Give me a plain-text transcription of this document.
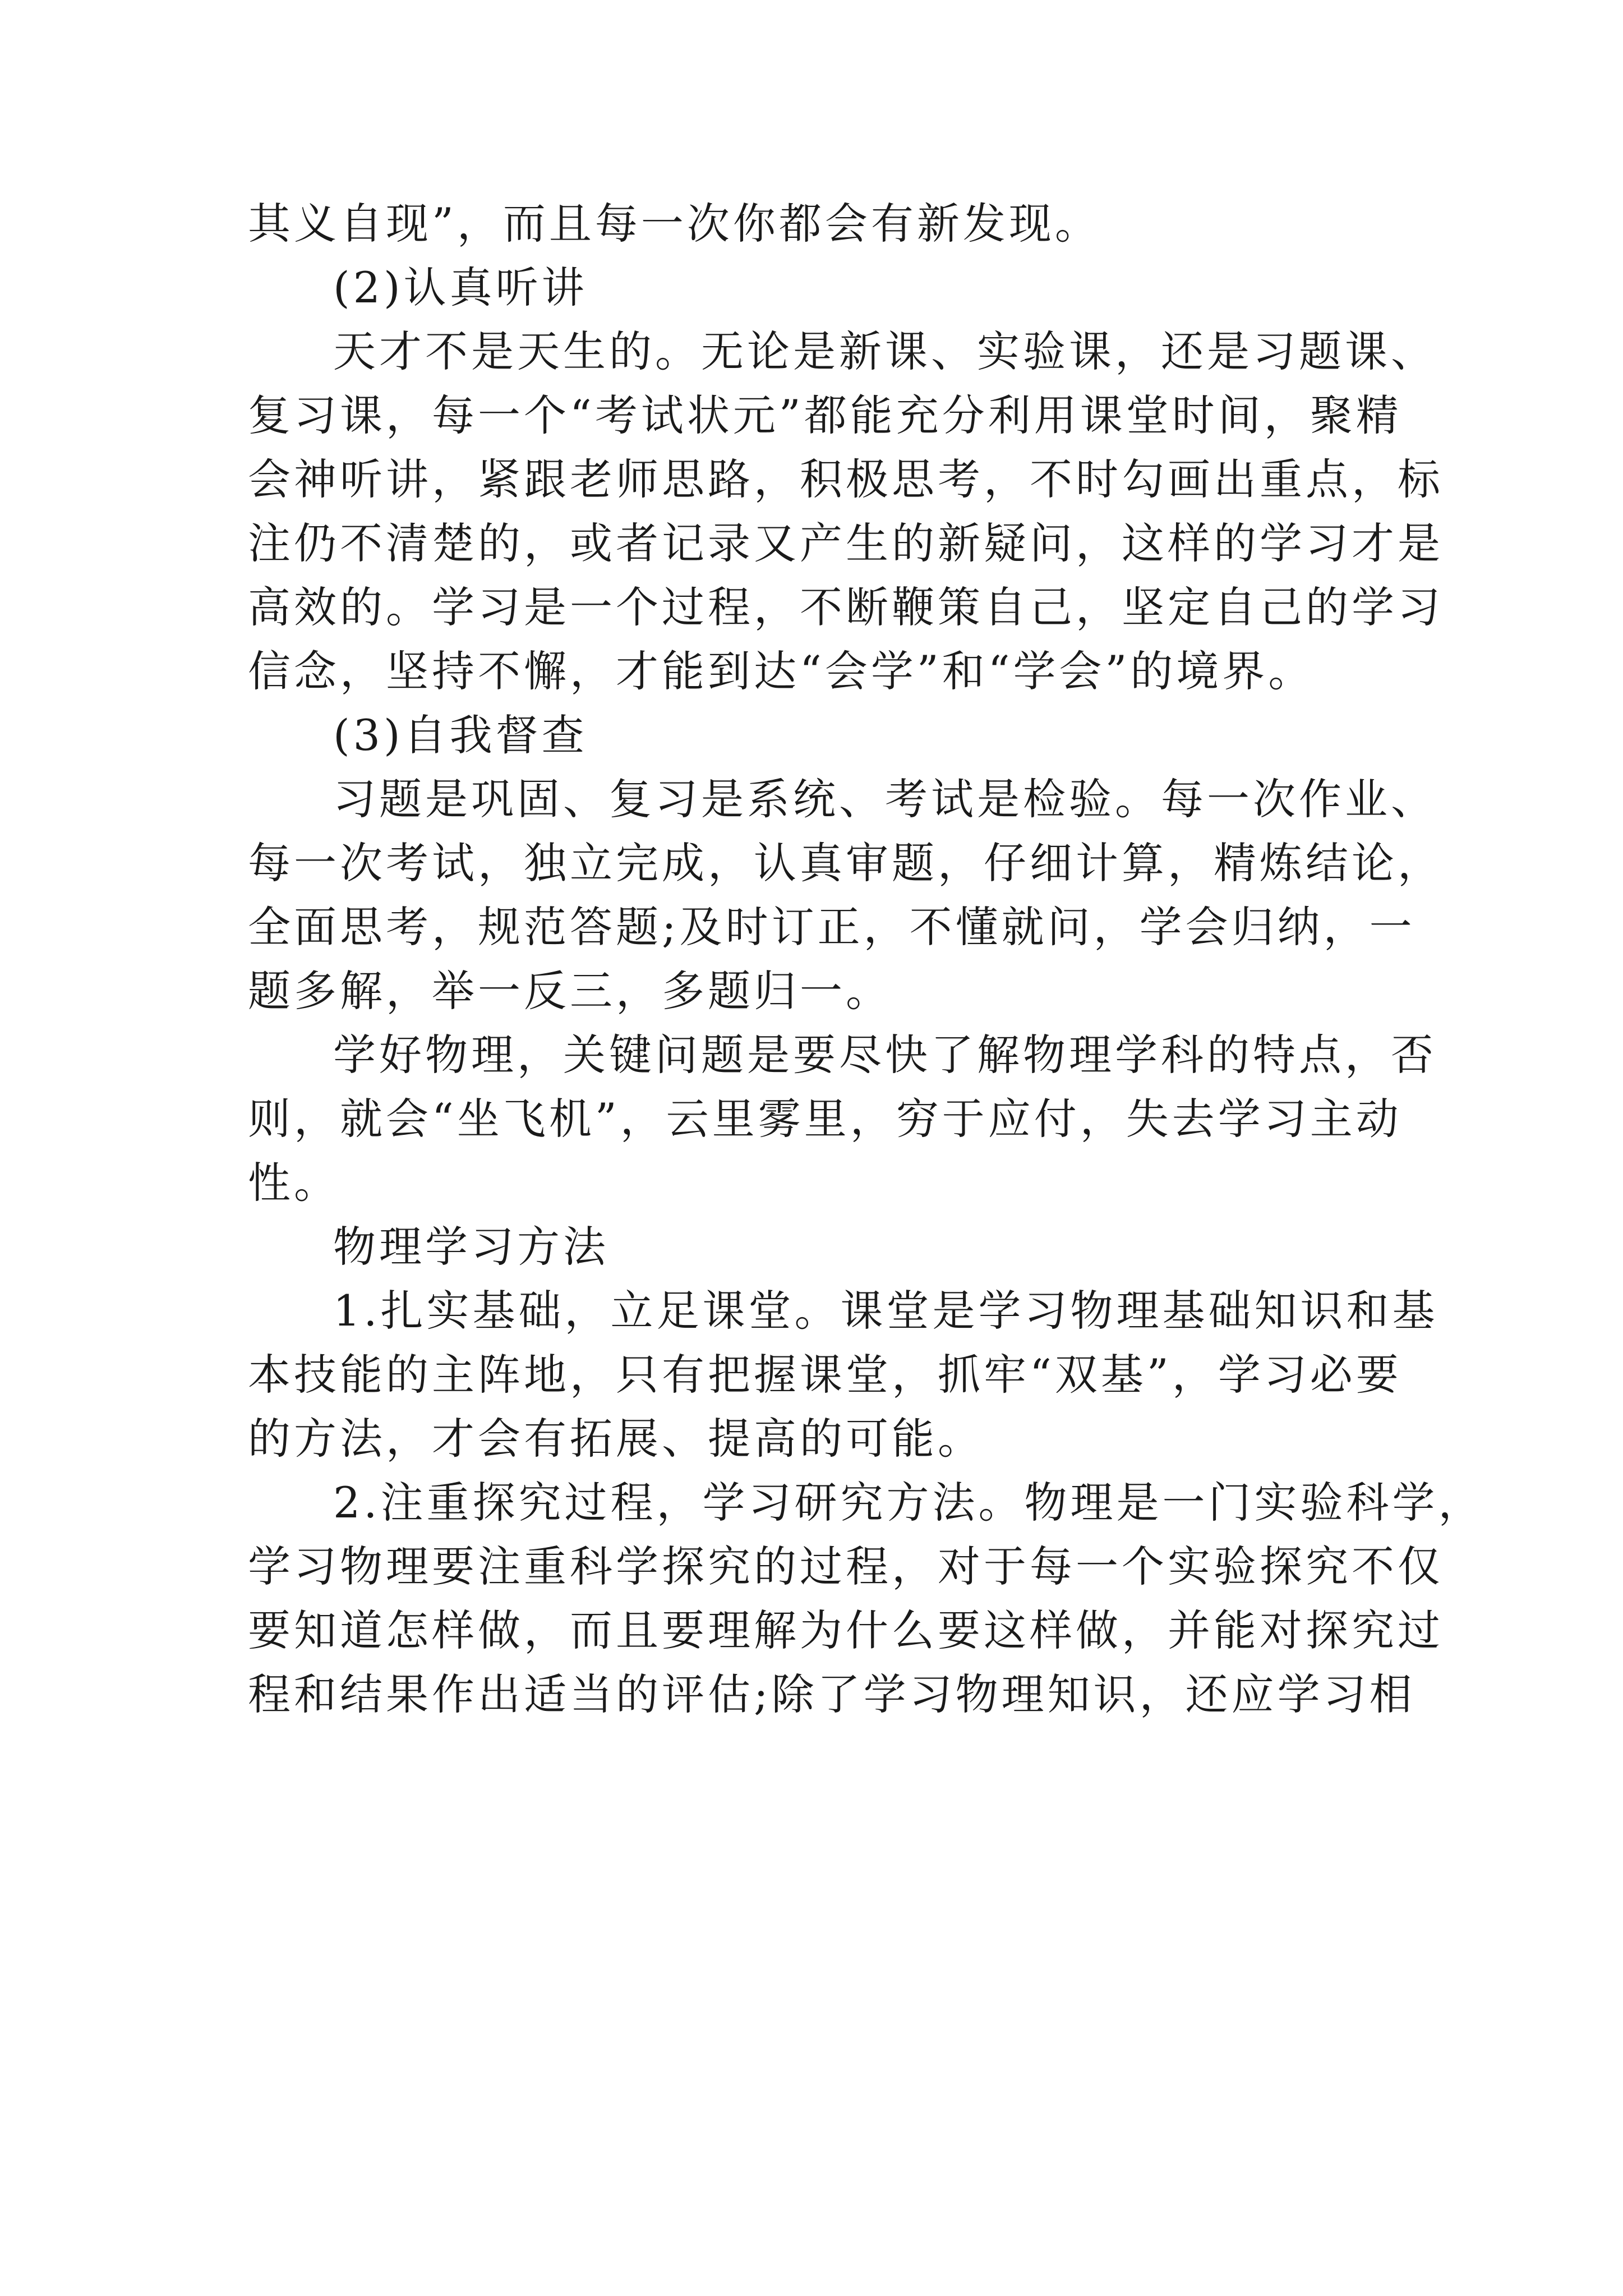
其义自现”，而且每一次你都会有新发现。
(2)认真听讲
天才不是天生的。无论是新课、实验课，还是习题课、
复习课，每一个“考试状元”都能充分利用课堂时间，聚精
会神听讲，紧跟老师思路，积极思考，不时勾画出重点，标
注仍不清楚的，或者记录又产生的新疑问，这样的学习才是
高效的。学习是一个过程，不断鞭策自己，坚定自己的学习
信念，坚持不懈，才能到达“会学”和“学会”的境界。
(3)自我督查
习题是巩固、复习是系统、考试是检验。每一次作业、
每一次考试，独立完成，认真审题，仔细计算，精炼结论，
全面思考，规范答题;及时订正，不懂就问，学会归纳，一
题多解，举一反三，多题归一。
学好物理，关键问题是要尽快了解物理学科的特点，否
则，就会“坐飞机”，云里雾里，穷于应付，失去学习主动
性。
物理学习方法
1.扎实基础，立足课堂。课堂是学习物理基础知识和基
本技能的主阵地，只有把握课堂，抓牢“双基”，学习必要
的方法，才会有拓展、提高的可能。
2.注重探究过程，学习研究方法。物理是一门实验科学，
学习物理要注重科学探究的过程，对于每一个实验探究不仅
要知道怎样做，而且要理解为什么要这样做，并能对探究过
程和结果作出适当的评估;除了学习物理知识，还应学习相
